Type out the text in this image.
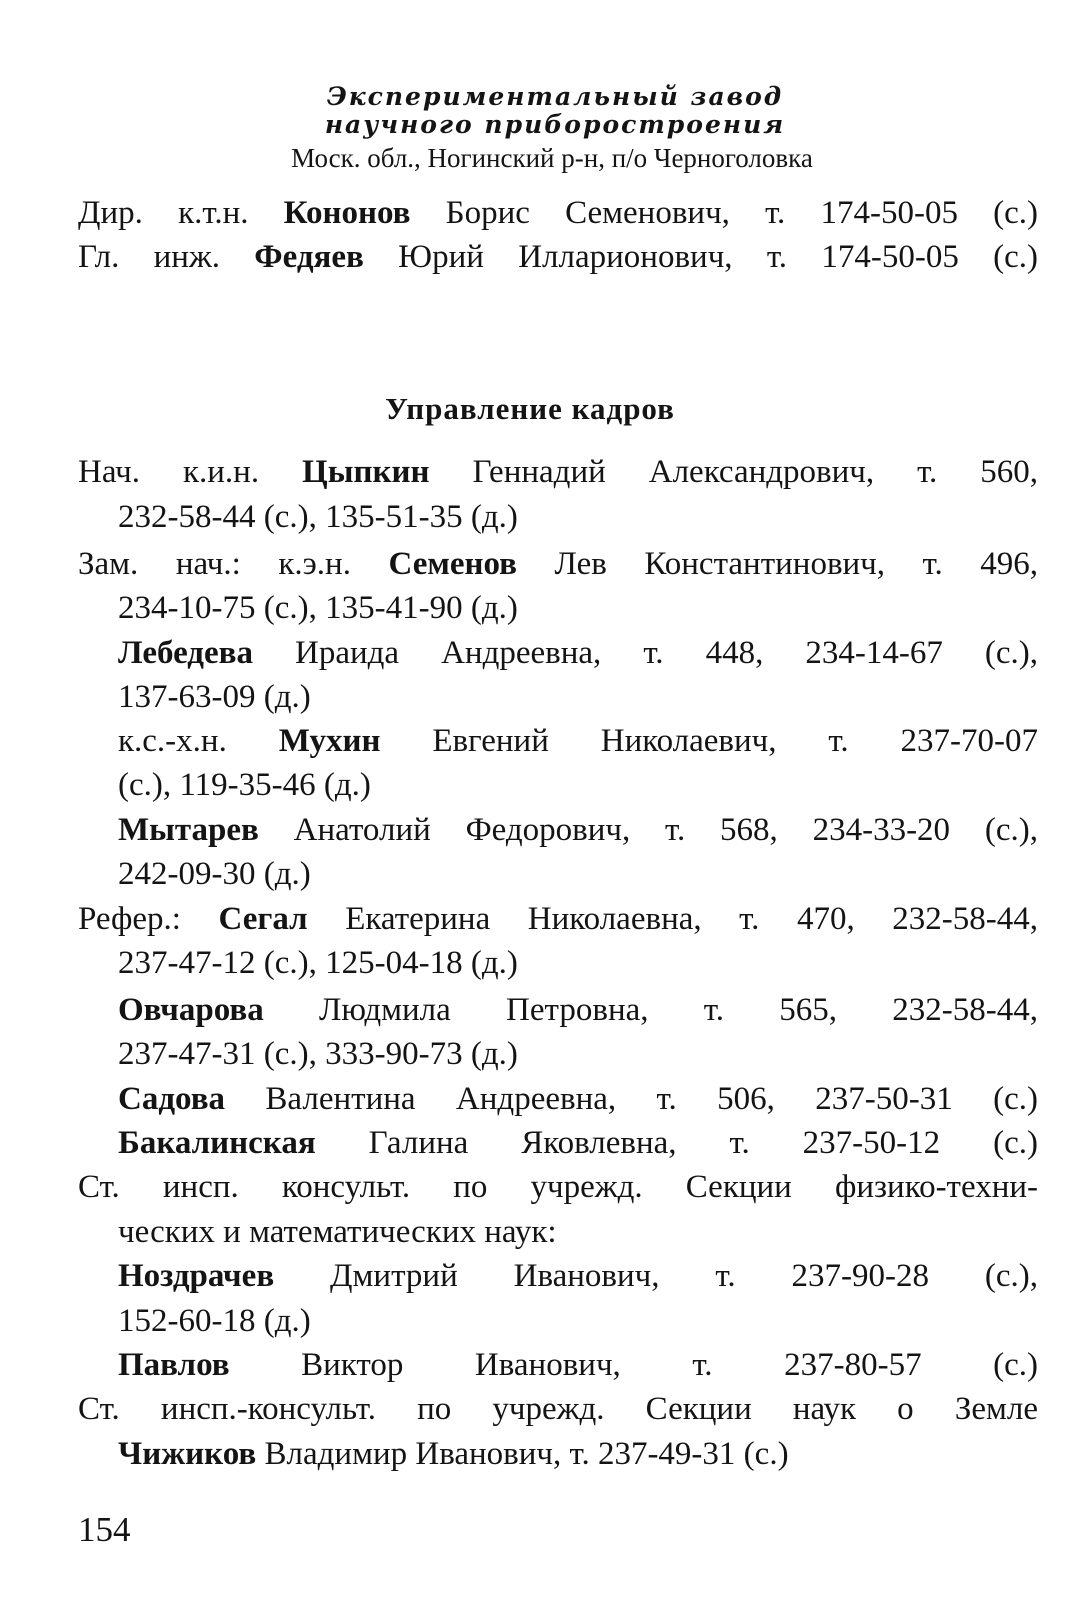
Экспериментальный завод
научного приборостроения
Моск. обл., Ногинский р-н, п/о Черноголовка
Дир. к.т.н. Кононов Борис Семенович, т. 174-50-05 (с.)
Гл. инж. Федяев Юрий Илларионович, т. 174-50-05 (с.)
Управление кадров
Нач. к.и.н. Цыпкин Геннадий Александрович, т. 560,
232-58-44 (с.), 135-51-35 (д.)
Зам. нач.: к.э.н. Семенов Лев Константинович, т. 496,
234-10-75 (с.), 135-41-90 (д.)
Лебедева Ираида Андреевна, т. 448, 234-14-67 (с.),
137-63-09 (д.)
к.с.-х.н. Мухин Евгений Николаевич, т. 237-70-07
(с.), 119-35-46 (д.)
Мытарев Анатолий Федорович, т. 568, 234-33-20 (с.),
242-09-30 (д.)
Рефер.: Сегал Екатерина Николаевна, т. 470, 232-58-44,
237-47-12 (с.), 125-04-18 (д.)
Овчарова Людмила Петровна, т. 565, 232-58-44,
237-47-31 (с.), 333-90-73 (д.)
Садова Валентина Андреевна, т. 506, 237-50-31 (с.)
Бакалинская Галина Яковлевна, т. 237-50-12 (с.)
Ст. инсп. консульт. по учрежд. Секции физико-техни-
ческих и математических наук:
Ноздрачев Дмитрий Иванович, т. 237-90-28 (с.),
152-60-18 (д.)
Павлов Виктор Иванович, т. 237-80-57 (с.)
Ст. инсп.-консульт. по учрежд. Секции наук о Земле
Чижиков Владимир Иванович, т. 237-49-31 (с.)
154
